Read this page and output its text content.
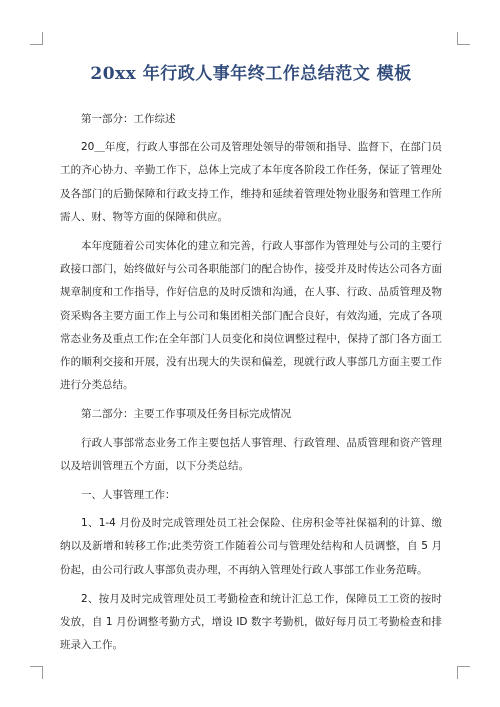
20xx 年行政人事年终工作总结范文 模板

第一部分：工作综述

20＿年度，行政人事部在公司及管理处领导的带领和指导、监督下，在部门员工的齐心协力、辛勤工作下，总体上完成了本年度各阶段工作任务，保证了管理处及各部门的后勤保障和行政支持工作，维持和延续着管理处物业服务和管理工作所需人、财、物等方面的保障和供应。

本年度随着公司实体化的建立和完善，行政人事部作为管理处与公司的主要行政接口部门，始终做好与公司各职能部门的配合协作，接受并及时传达公司各方面规章制度和工作指导，作好信息的及时反馈和沟通，在人事、行政、品质管理及物资采购各主要方面工作上与公司和集团相关部门配合良好，有效沟通，完成了各项常态业务及重点工作;在全年部门人员变化和岗位调整过程中，保持了部门各方面工作的顺利交接和开展，没有出现大的失误和偏差，现就行政人事部几方面主要工作进行分类总结。

第二部分：主要工作事项及任务目标完成情况

行政人事部常态业务工作主要包括人事管理、行政管理、品质管理和资产管理以及培训管理五个方面，以下分类总结。

一、人事管理工作：

1、1-4 月份及时完成管理处员工社会保险、住房积金等社保福利的计算、缴纳以及新增和转移工作;此类劳资工作随着公司与管理处结构和人员调整，自 5 月份起，由公司行政人事部负责办理，不再纳入管理处行政人事部工作业务范畴。

2、按月及时完成管理处员工考勤检查和统计汇总工作，保障员工工资的按时发放，自 1 月份调整考勤方式，增设 ID 数字考勤机，做好每月员工考勤检查和排班录入工作。
